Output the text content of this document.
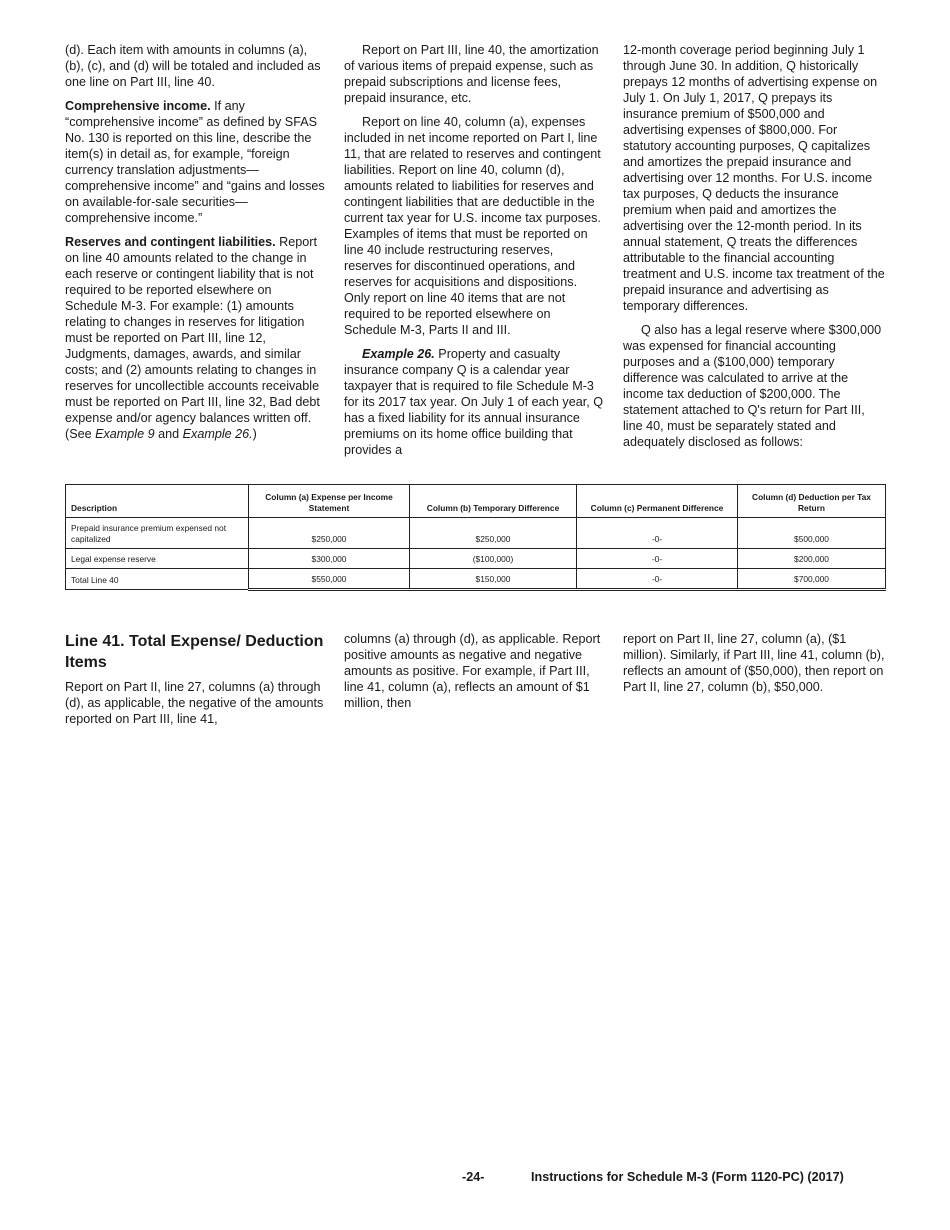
(d). Each item with amounts in columns (a), (b), (c), and (d) will be totaled and included as one line on Part III, line 40.

Comprehensive income. If any “comprehensive income” as defined by SFAS No. 130 is reported on this line, describe the item(s) in detail as, for example, “foreign currency translation adjustments—comprehensive income” and “gains and losses on available-for-sale securities—comprehensive income.”

Reserves and contingent liabilities. Report on line 40 amounts related to the change in each reserve or contingent liability that is not required to be reported elsewhere on Schedule M-3. For example: (1) amounts relating to changes in reserves for litigation must be reported on Part III, line 12, Judgments, damages, awards, and similar costs; and (2) amounts relating to changes in reserves for uncollectible accounts receivable must be reported on Part III, line 32, Bad debt expense and/or agency balances written off. (See Example 9 and Example 26.)

Report on Part III, line 40, the amortization of various items of prepaid expense, such as prepaid subscriptions and license fees, prepaid insurance, etc.

Report on line 40, column (a), expenses included in net income reported on Part I, line 11, that are related to reserves and contingent liabilities. Report on line 40, column (d), amounts related to liabilities for reserves and contingent liabilities that are deductible in the current tax year for U.S. income tax purposes. Examples of items that must be reported on line 40 include restructuring reserves, reserves for discontinued operations, and reserves for acquisitions and dispositions. Only report on line 40 items that are not required to be reported elsewhere on Schedule M-3, Parts II and III.

Example 26. Property and casualty insurance company Q is a calendar year taxpayer that is required to file Schedule M-3 for its 2017 tax year. On July 1 of each year, Q has a fixed liability for its annual insurance premiums on its home office building that provides a

12-month coverage period beginning July 1 through June 30. In addition, Q historically prepays 12 months of advertising expense on July 1. On July 1, 2017, Q prepays its insurance premium of $500,000 and advertising expenses of $800,000. For statutory accounting purposes, Q capitalizes and amortizes the prepaid insurance and advertising over 12 months. For U.S. income tax purposes, Q deducts the insurance premium when paid and amortizes the advertising over the 12-month period. In its annual statement, Q treats the differences attributable to the financial accounting treatment and U.S. income tax treatment of the prepaid insurance and advertising as temporary differences.

Q also has a legal reserve where $300,000 was expensed for financial accounting purposes and a ($100,000) temporary difference was calculated to arrive at the income tax deduction of $200,000. The statement attached to Q's return for Part III, line 40, must be separately stated and adequately disclosed as follows:

Description	Column (a) Expense per Income Statement	Column (b) Temporary Difference	Column (c) Permanent Difference	Column (d) Deduction per Tax Return
Prepaid insurance premium expensed not capitalized	$250,000	$250,000	-0-	$500,000
Legal expense reserve	$300,000	($100,000)	-0-	$200,000
Total Line 40	$550,000	$150,000	-0-	$700,000
Line 41. Total Expense/ Deduction Items

Report on Part II, line 27, columns (a) through (d), as applicable, the negative of the amounts reported on Part III, line 41,

columns (a) through (d), as applicable. Report positive amounts as negative and negative amounts as positive. For example, if Part III, line 41, column (a), reflects an amount of $1 million, then

report on Part II, line 27, column (a), ($1 million). Similarly, if Part III, line 41, column (b), reflects an amount of ($50,000), then report on Part II, line 27, column (b), $50,000.

-24-	Instructions for Schedule M-3 (Form 1120-PC) (2017)
